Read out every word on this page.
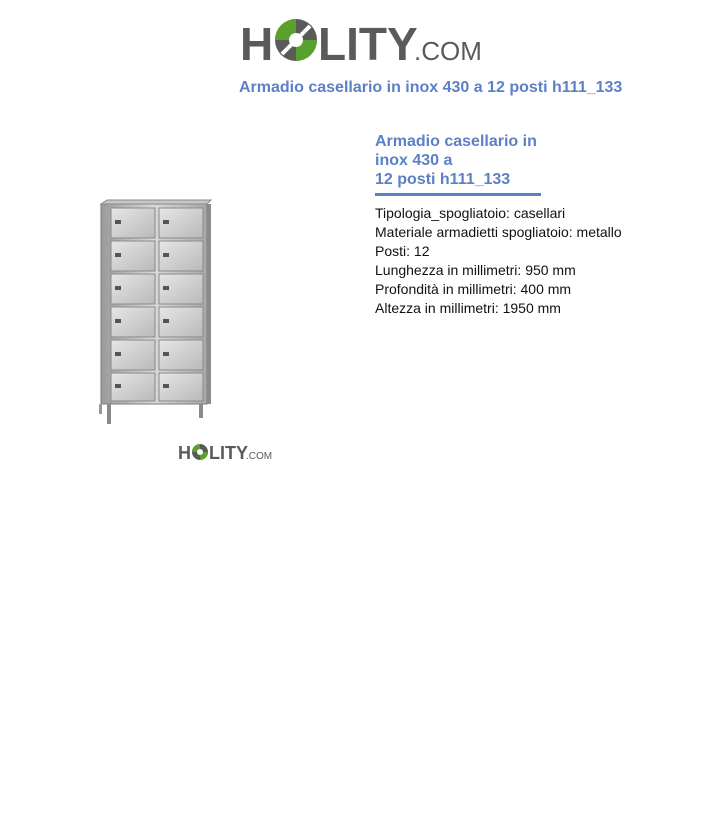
H LITY
.COM
Armadio casellario in inox 430 a 12 posti h111_133
H LITY
.COM
Armadio casellario in
inox 430 a
12 posti h111_133
Tipologia_spogliatoio: casellari
Materiale armadietti spogliatoio: metallo
Posti: 12
Lunghezza in millimetri: 950 mm
Profondità in millimetri: 400 mm
Altezza in millimetri: 1950 mm
